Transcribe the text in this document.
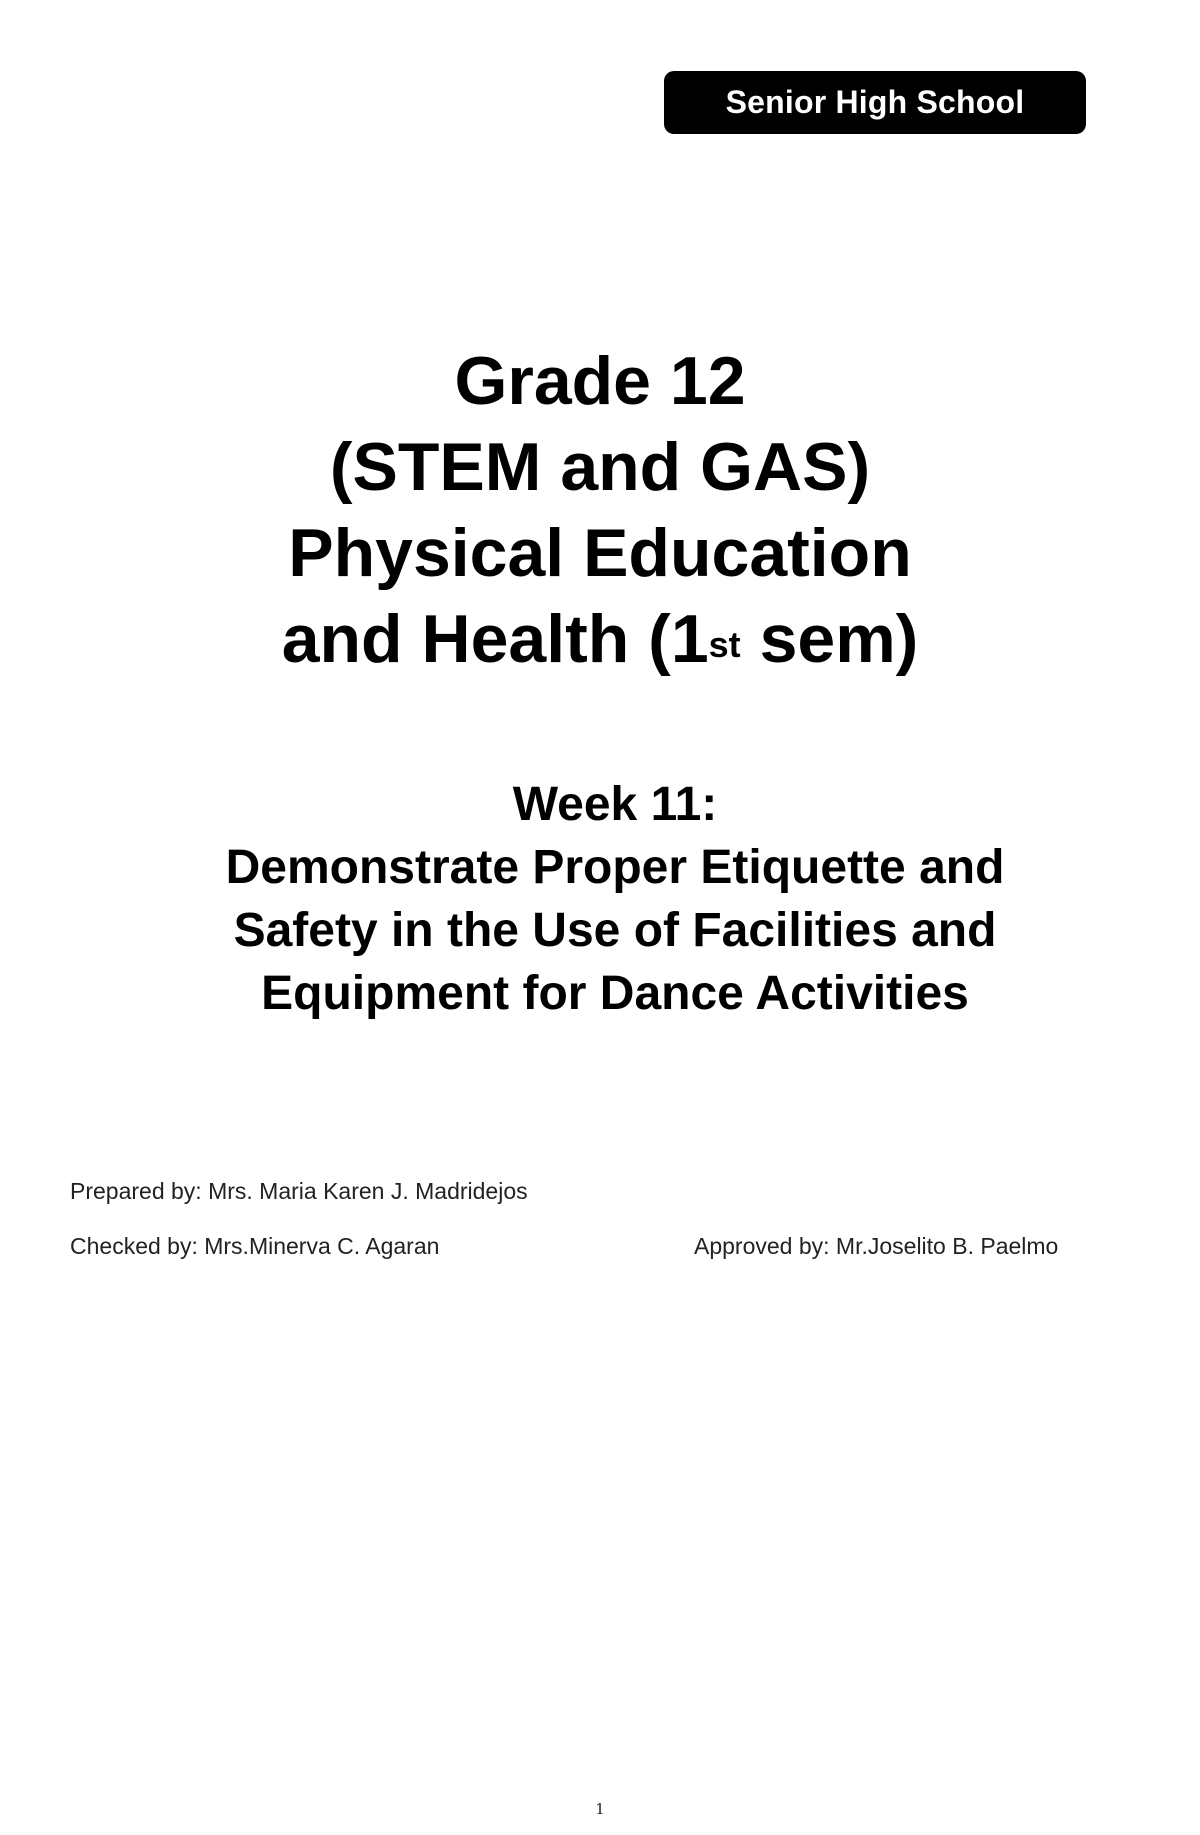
Senior High School
Grade 12
(STEM and GAS)
Physical Education
and Health (1st sem)
Week 11:
Demonstrate Proper Etiquette and
Safety in the Use of Facilities and
Equipment for Dance Activities
Prepared by: Mrs. Maria Karen J. Madridejos
Checked by: Mrs.Minerva C. Agaran	Approved by: Mr.Joselito B. Paelmo
1
